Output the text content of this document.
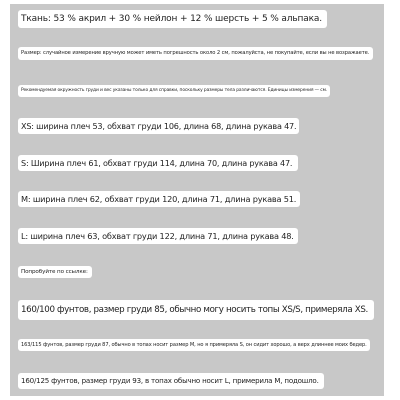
Ткань: 53 % акрил + 30 % нейлон + 12 % шерсть + 5 % альпака.
Размер: случайное измерение вручную может иметь погрешность около 2 см, пожалуйста, не покупайте, если вы не возражаете.
Рекомендуемая окружность груди и вес указаны только для справки, поскольку размеры тела различаются. Единицы измерения — см.
XS: ширина плеч 53, обхват груди 106, длина 68, длина рукава 47.
S: Ширина плеч 61, обхват груди 114, длина 70, длина рукава 47.
M: ширина плеч 62, обхват груди 120, длина 71, длина рукава 51.
L: ширина плеч 63, обхват груди 122, длина 71, длина рукава 48.
Попробуйте по ссылке:
160/100 фунтов, размер груди 85, обычно могу носить топы XS/S, примеряла XS.
163/115 фунтов, размер груди 87, обычно в топах носит размер M, но я примеряла S, он сидит хорошо, а верх длиннее моих бедер.
160/125 фунтов, размер груди 93, в топах обычно носит L, примерила M, подошло.
